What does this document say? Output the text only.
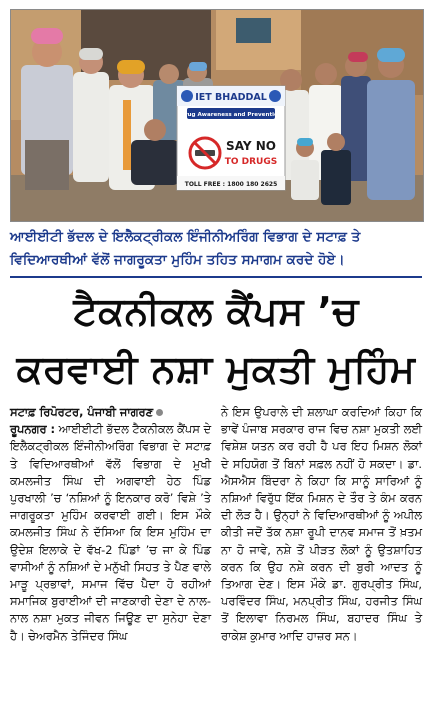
IET BHADDAL
Drug Awareness and Prevention
SAY NO
TO DRUGS
TOLL FREE : 1800 180 2625
ਆਈਈਟੀ ਭੱਦਲ ਦੇ ਇਲੈਕਟ੍ਰੀਕਲ ਇੰਜੀਨੀਅਰਿੰਗ ਵਿਭਾਗ ਦੇ ਸਟਾਫ਼ ਤੇ ਵਿਦਿਆਰਥੀਆਂ ਵੱਲੋਂ ਜਾਗਰੂਕਤਾ ਮੁਹਿੰਮ ਤਹਿਤ ਸਮਾਗਮ ਕਰਦੇ ਹੋਏ।
ਟੈਕਨੀਕਲ ਕੈਂਪਸ ’ਚ
ਕਰਵਾਈ ਨਸ਼ਾ ਮੁਕਤੀ ਮੁਹਿੰਮ
ਸਟਾਫ਼ ਰਿਪੋਰਟਰ, ਪੰਜਾਬੀ ਜਾਗਰਣ
ਰੂਪਨਗਰ : ਆਈਈਟੀ ਭੱਦਲ ਟੈਕਨੀਕਲ ਕੈਂਪਸ ਦੇ ਇਲੈਕਟ੍ਰੀਕਲ ਇੰਜੀਨੀਅਰਿੰਗ ਵਿਭਾਗ ਦੇ ਸਟਾਫ਼ ਤੇ ਵਿਦਿਆਰਥੀਆਂ ਵੱਲੋਂ ਵਿਭਾਗ ਦੇ ਮੁਖੀ ਕਮਲਜੀਤ ਸਿੰਘ ਦੀ ਅਗਵਾਈ ਹੇਠ ਪਿੰਡ ਪੁਰਖਾਲੀ ’ਚ ‘ਨਸ਼ਿਆਂ ਨੂੰ ਇਨਕਾਰ ਕਰੋ’ ਵਿਸ਼ੇ ’ਤੇ ਜਾਗਰੂਕਤਾ ਮੁਹਿੰਮ ਕਰਵਾਈ ਗਈ। ਇਸ ਮੌਕੇ ਕਮਲਜੀਤ ਸਿੰਘ ਨੇ ਦੱਸਿਆ ਕਿ ਇਸ ਮੁਹਿੰਮ ਦਾ ਉਦੇਸ਼ ਇਲਾਕੇ ਦੇ ਵੱਖ-2 ਪਿੰਡਾਂ ’ਚ ਜਾ ਕੇ ਪਿੰਡ ਵਾਸੀਆਂ ਨੂੰ ਨਸ਼ਿਆਂ ਦੇ ਮਨੁੱਖੀ ਸਿਹਤ ਤੇ ਪੈਣ ਵਾਲੇ ਮਾੜੂ ਪ੍ਰਭਾਵਾਂ, ਸਮਾਜ ਵਿੱਚ ਪੈਦਾ ਹੋ ਰਹੀਆਂ ਸਮਾਜਿਕ ਬੁਰਾਈਆਂ ਦੀ ਜਾਣਕਾਰੀ ਦੇਣਾ ਦੇ ਨਾਲ-ਨਾਲ ਨਸ਼ਾ ਮੁਕਤ ਜੀਵਨ ਜਿਊਣ ਦਾ ਸੁਨੇਹਾ ਦੇਣਾ ਹੈ। ਚੇਅਰਮੈਨ ਤੇਜਿੰਦਰ ਸਿੰਘ
ਨੇ ਇਸ ਉਪਰਾਲੇ ਦੀ ਸ਼ਲਾਘਾ ਕਰਦਿਆਂ ਕਿਹਾ ਕਿ ਭਾਵੇਂ ਪੰਜਾਬ ਸਰਕਾਰ ਰਾਜ ਵਿਚ ਨਸ਼ਾ ਮੁਕਤੀ ਲਈ ਵਿਸ਼ੇਸ਼ ਯਤਨ ਕਰ ਰਹੀ ਹੈ ਪਰ ਇਹ ਮਿਸ਼ਨ ਲੋਕਾਂ ਦੇ ਸਹਿਯੋਗ ਤੋਂ ਬਿਨਾਂ ਸਫ਼ਲ ਨਹੀਂ ਹੋ ਸਕਦਾ। ਡਾ. ਐਸਐਸ ਬਿੰਦਰਾ ਨੇ ਕਿਹਾ ਕਿ ਸਾਨੂੰ ਸਾਰਿਆਂ ਨੂੰ ਨਸ਼ਿਆਂ ਵਿਰੁੱਧ ਇੱਕ ਮਿਸ਼ਨ ਦੇ ਤੌਰ ਤੇ ਕੰਮ ਕਰਨ ਦੀ ਲੋੜ ਹੈ। ਉਨ੍ਹਾਂ ਨੇ ਵਿਦਿਆਰਥੀਆਂ ਨੂੰ ਅਪੀਲ ਕੀਤੀ ਜਦੋਂ ਤੱਕ ਨਸ਼ਾ ਰੂਪੀ ਦਾਨਵ ਸਮਾਜ ਤੋਂ ਖ਼ਤਮ ਨਾ ਹੋ ਜਾਵੇ, ਨਸ਼ੇ ਤੋਂ ਪੀੜਤ ਲੋਕਾਂ ਨੂੰ ਉਤਸ਼ਾਹਿਤ ਕਰਨ ਕਿ ਉਹ ਨਸ਼ੇ ਕਰਨ ਦੀ ਬੁਰੀ ਆਦਤ ਨੂੰ ਤਿਆਗ ਦੇਣ। ਇਸ ਮੌਕੇ ਡਾ. ਗੁਰਪ੍ਰੀਤ ਸਿੰਘ, ਪਰਵਿੰਦਰ ਸਿੰਘ, ਮਨਪ੍ਰੀਤ ਸਿੰਘ, ਹਰਜੀਤ ਸਿੰਘ ਤੋਂ ਇਲਾਵਾ ਨਿਰਮਲ ਸਿੰਘ, ਬਹਾਦਰ ਸਿੰਘ ਤੇ ਰਾਕੇਸ਼ ਕੁਮਾਰ ਆਦਿ ਹਾਜ਼ਰ ਸਨ।
